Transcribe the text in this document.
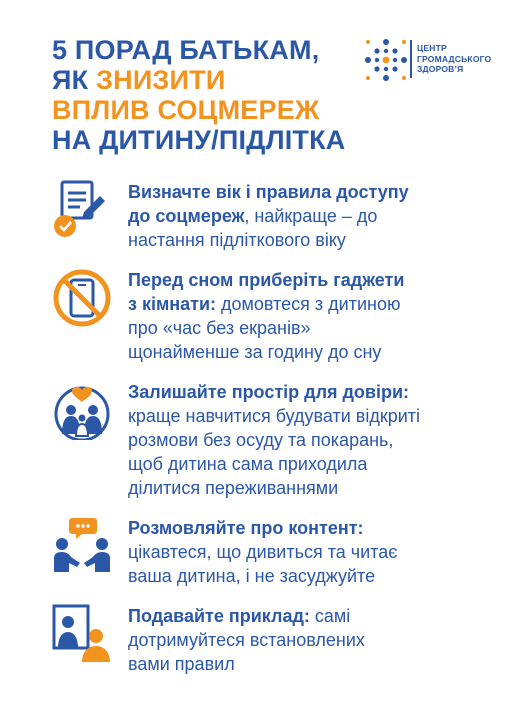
5 ПОРАД БАТЬКАМ,
ЯК ЗНИЗИТИ
ВПЛИВ СОЦМЕРЕЖ
НА ДИТИНУ/ПІДЛІТКА
ЦЕНТР
ГРОМАДСЬКОГО
ЗДОРОВ’Я

Визначте вік і правила доступу
до соцмереж, найкраще – до
настання підліткового віку

Перед сном приберіть гаджети
з кімнати: домовтеся з дитиною
про «час без екранів»
щонайменше за годину до сну

Залишайте простір для довіри:
краще навчитися будувати відкриті
розмови без осуду та покарань,
щоб дитина сама приходила
ділитися переживаннями

Розмовляйте про контент:
цікавтеся, що дивиться та читає
ваша дитина, і не засуджуйте

Подавайте приклад: самі
дотримуйтеся встановлених
вами правил
